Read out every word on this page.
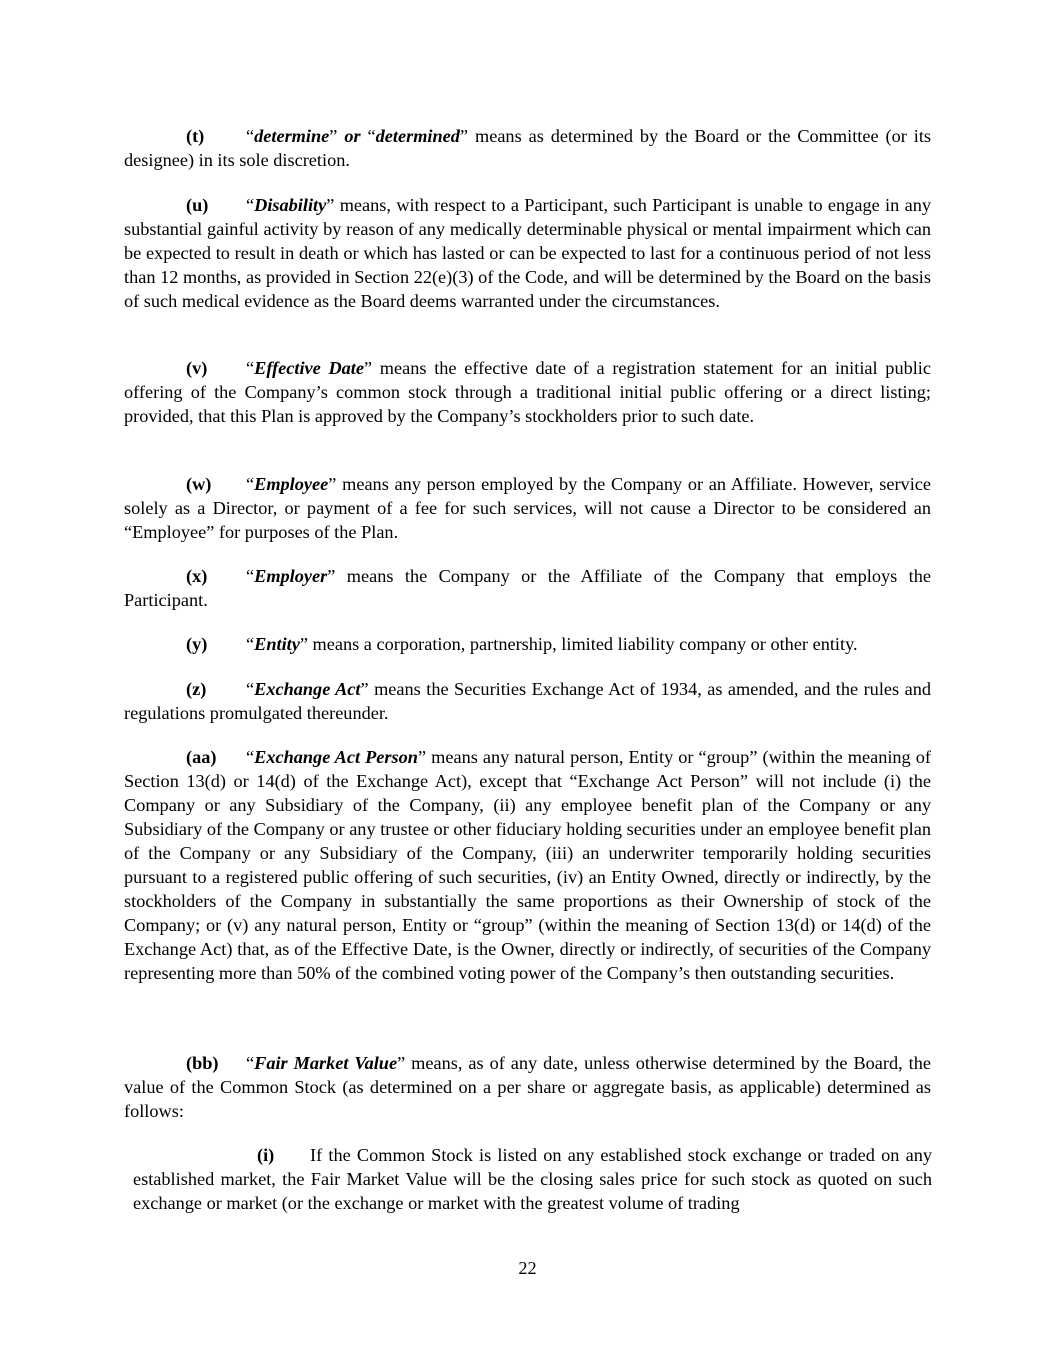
(t) “determine” or “determined” means as determined by the Board or the Committee (or its designee) in its sole discretion.

(u) “Disability” means, with respect to a Participant, such Participant is unable to engage in any substantial gainful activity by reason of any medically determinable physical or mental impairment which can be expected to result in death or which has lasted or can be expected to last for a continuous period of not less than 12 months, as provided in Section 22(e)(3) of the Code, and will be determined by the Board on the basis of such medical evidence as the Board deems warranted under the circumstances.

(v) “Effective Date” means the effective date of a registration statement for an initial public offering of the Company’s common stock through a traditional initial public offering or a direct listing; provided, that this Plan is approved by the Company’s stockholders prior to such date.

(w) “Employee” means any person employed by the Company or an Affiliate. However, service solely as a Director, or payment of a fee for such services, will not cause a Director to be considered an “Employee” for purposes of the Plan.

(x) “Employer” means the Company or the Affiliate of the Company that employs the Participant.

(y) “Entity” means a corporation, partnership, limited liability company or other entity.

(z) “Exchange Act” means the Securities Exchange Act of 1934, as amended, and the rules and regulations promulgated thereunder.

(aa) “Exchange Act Person” means any natural person, Entity or “group” (within the meaning of Section 13(d) or 14(d) of the Exchange Act), except that “Exchange Act Person” will not include (i) the Company or any Subsidiary of the Company, (ii) any employee benefit plan of the Company or any Subsidiary of the Company or any trustee or other fiduciary holding securities under an employee benefit plan of the Company or any Subsidiary of the Company, (iii) an underwriter temporarily holding securities pursuant to a registered public offering of such securities, (iv) an Entity Owned, directly or indirectly, by the stockholders of the Company in substantially the same proportions as their Ownership of stock of the Company; or (v) any natural person, Entity or “group” (within the meaning of Section 13(d) or 14(d) of the Exchange Act) that, as of the Effective Date, is the Owner, directly or indirectly, of securities of the Company representing more than 50% of the combined voting power of the Company’s then outstanding securities.

(bb) “Fair Market Value” means, as of any date, unless otherwise determined by the Board, the value of the Common Stock (as determined on a per share or aggregate basis, as applicable) determined as follows:

(i) If the Common Stock is listed on any established stock exchange or traded on any established market, the Fair Market Value will be the closing sales price for such stock as quoted on such exchange or market (or the exchange or market with the greatest volume of trading

22
